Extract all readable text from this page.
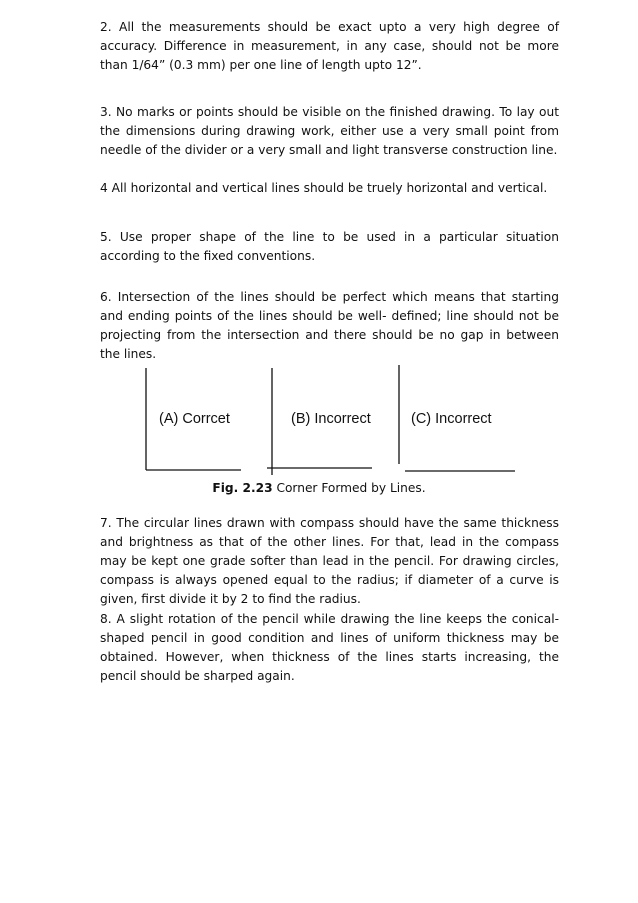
2. All the measurements should be exact upto a very high degree of accuracy. Difference in measurement, in any case, should not be more than 1/64” (0.3 mm) per one line of length upto 12”.

3. No marks or points should be visible on the finished drawing. To lay out the dimensions during drawing work, either use a very small point from needle of the divider or a very small and light transverse construction line.

4 All horizontal and vertical lines should be truely horizontal and vertical.

5. Use proper shape of the line to be used in a particular situation according to the fixed conventions.

6. Intersection of the lines should be perfect which means that starting and ending points of the lines should be well- defined; line should not be projecting from the intersection and there should be no gap in between the lines.

(A) Corrcet	(B) Incorrect	(C) Incorrect
Fig. 2.23 Corner Formed by Lines.

7. The circular lines drawn with compass should have the same thickness and brightness as that of the other lines. For that, lead in the compass may be kept one grade softer than lead in the pencil. For drawing circles, compass is always opened equal to the radius; if diameter of a curve is given, first divide it by 2 to find the radius.

8. A slight rotation of the pencil while drawing the line keeps the conical-shaped pencil in good condition and lines of uniform thickness may be obtained. However, when thickness of the lines starts increasing, the pencil should be sharped again.
